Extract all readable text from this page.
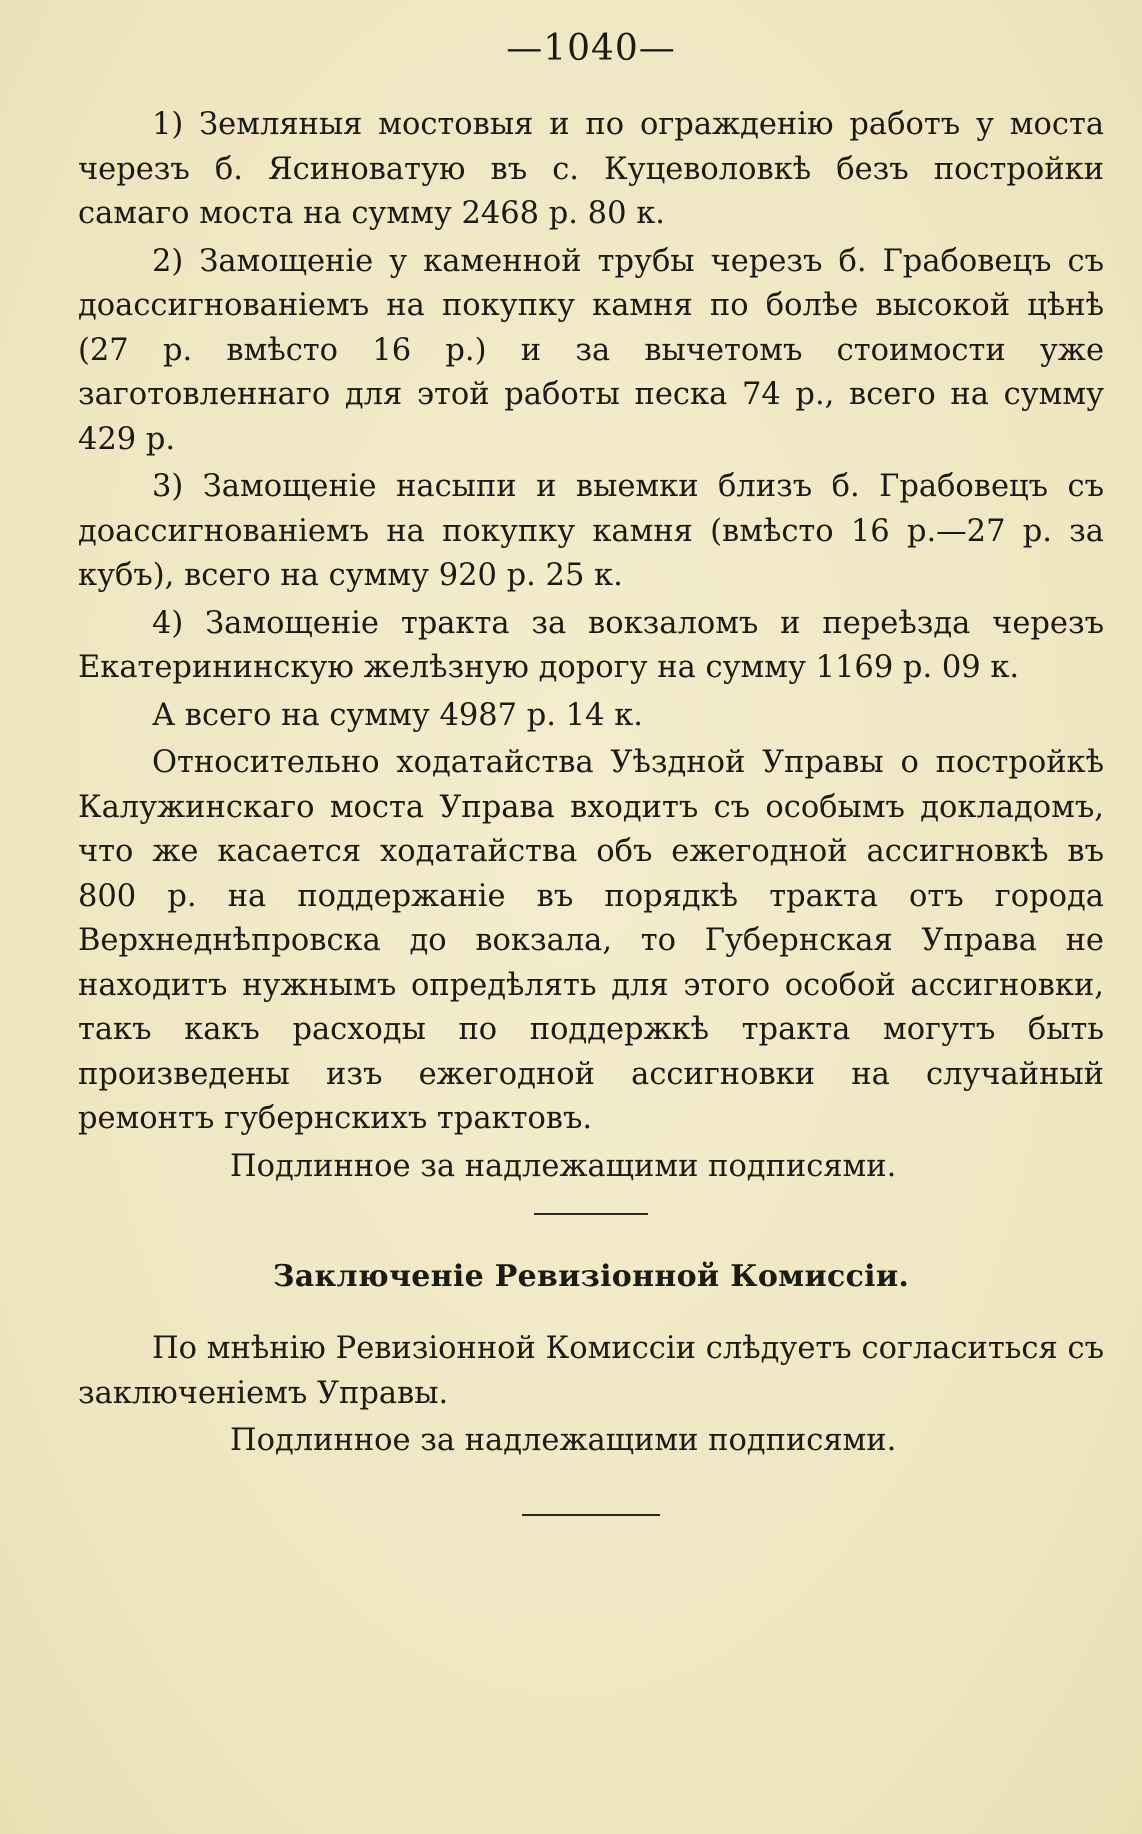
—1040—

1) Земляныя мостовыя и по огражденію работъ у моста черезъ б. Ясиноватую въ с. Куцеволовкѣ безъ постройки самаго моста на сумму 2468 р. 80 к.

2) Замощеніе у каменной трубы черезъ б. Грабовецъ съ доассигнованіемъ на покупку камня по болѣе высокой цѣнѣ (27 р. вмѣсто 16 р.) и за вычетомъ стоимости уже заготовленнаго для этой работы песка 74 р., всего на сумму 429 р.

3) Замощеніе насыпи и выемки близъ б. Грабовецъ съ доассигнованіемъ на покупку камня (вмѣсто 16 р.—27 р. за кубъ), всего на сумму 920 р. 25 к.

4) Замощеніе тракта за вокзаломъ и переѣзда черезъ Екатерининскую желѣзную дорогу на сумму 1169 р. 09 к.

А всего на сумму 4987 р. 14 к.

Относительно ходатайства Уѣздной Управы о постройкѣ Калужинскаго моста Управа входитъ съ особымъ докладомъ, что же касается ходатайства объ ежегодной ассигновкѣ въ 800 р. на поддержаніе въ порядкѣ тракта отъ города Верхнеднѣпровска до вокзала, то Губернская Управа не находитъ нужнымъ опредѣлять для этого особой ассигновки, такъ какъ расходы по поддержкѣ тракта могутъ быть произведены изъ ежегодной ассигновки на случайный ремонтъ губернскихъ трактовъ.

Подлинное за надлежащими подписями.

Заключеніе Ревизіонной Комиссіи.

По мнѣнію Ревизіонной Комиссіи слѣдуетъ согласиться съ заключеніемъ Управы.

Подлинное за надлежащими подписями.
